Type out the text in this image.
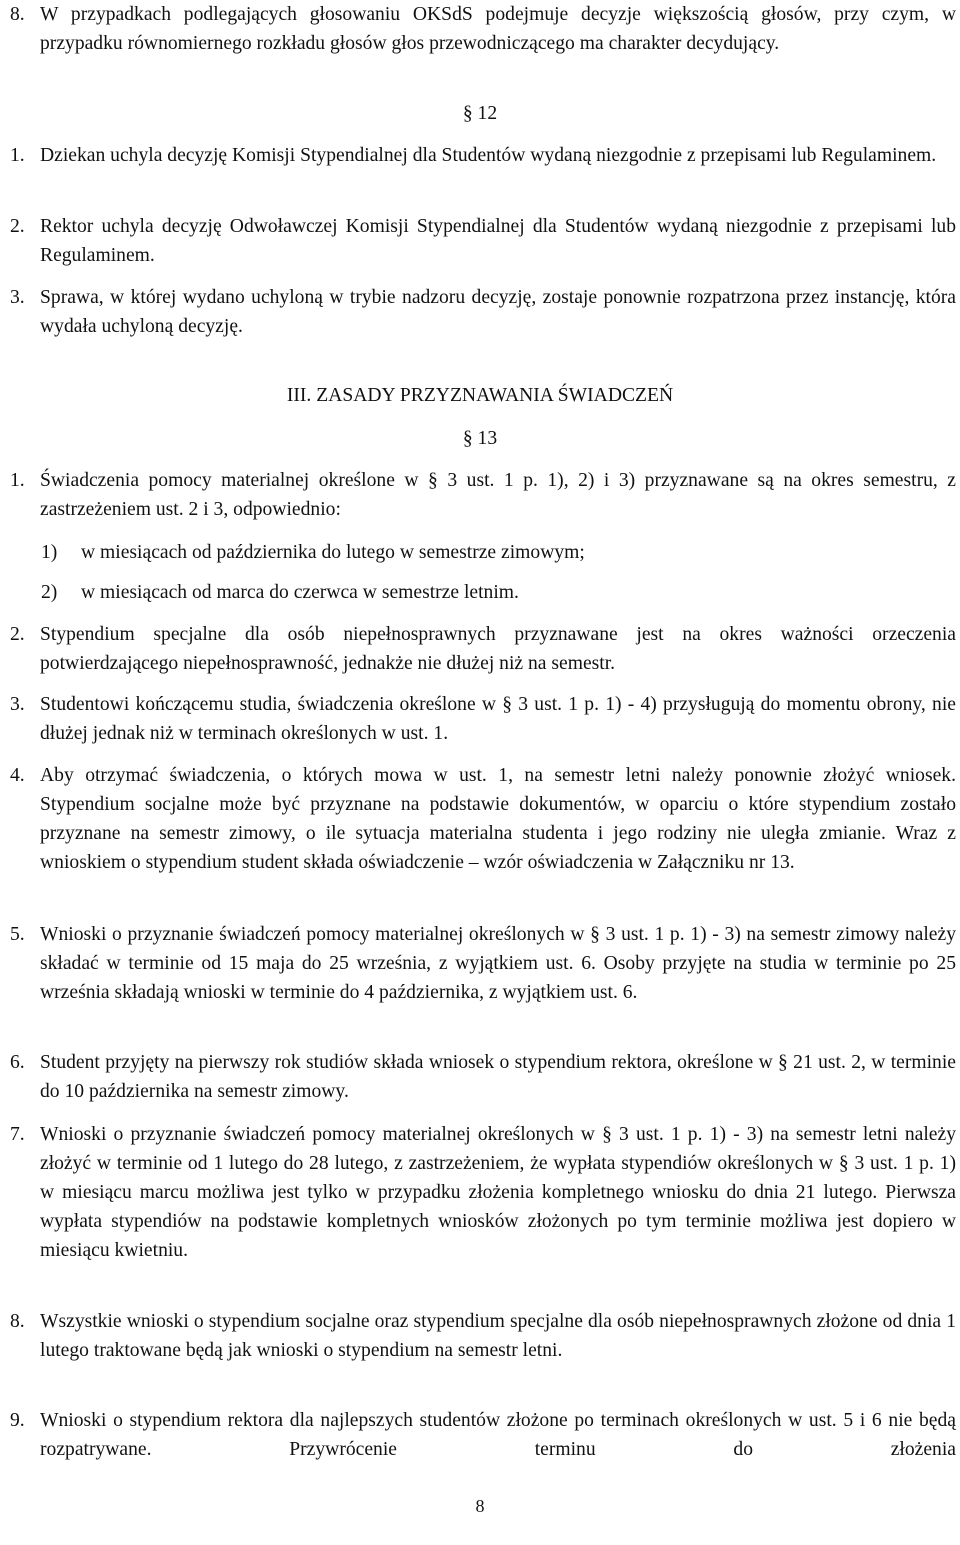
8. W przypadkach podlegających głosowaniu OKSdS podejmuje decyzje większością głosów, przy czym, w przypadku równomiernego rozkładu głosów głos przewodniczącego ma charakter decydujący.
§ 12
1. Dziekan uchyla decyzję Komisji Stypendialnej dla Studentów wydaną niezgodnie z przepisami lub Regulaminem.
2. Rektor uchyla decyzję Odwoławczej Komisji Stypendialnej dla Studentów wydaną niezgodnie z przepisami lub Regulaminem.
3. Sprawa, w której wydano uchyloną w trybie nadzoru decyzję, zostaje ponownie rozpatrzona przez instancję, która wydała uchyloną decyzję.
III. ZASADY PRZYZNAWANIA ŚWIADCZEŃ
§ 13
1. Świadczenia pomocy materialnej określone w § 3 ust. 1 p. 1), 2) i 3) przyznawane są na okres semestru, z zastrzeżeniem ust. 2 i 3, odpowiednio:
1) w miesiącach od października do lutego w semestrze zimowym;
2) w miesiącach od marca do czerwca w semestrze letnim.
2. Stypendium specjalne dla osób niepełnosprawnych przyznawane jest na okres ważności orzeczenia potwierdzającego niepełnosprawność, jednakże nie dłużej niż na semestr.
3. Studentowi kończącemu studia, świadczenia określone w § 3 ust. 1 p. 1) - 4) przysługują do momentu obrony, nie dłużej jednak niż w terminach określonych w ust. 1.
4. Aby otrzymać świadczenia, o których mowa w ust. 1, na semestr letni należy ponownie złożyć wniosek. Stypendium socjalne może być przyznane na podstawie dokumentów, w oparciu o które stypendium zostało przyznane na semestr zimowy, o ile sytuacja materialna studenta i jego rodziny nie uległa zmianie. Wraz z wnioskiem o stypendium student składa oświadczenie – wzór oświadczenia w Załączniku nr 13.
5. Wnioski o przyznanie świadczeń pomocy materialnej określonych w § 3 ust. 1 p. 1) - 3) na semestr zimowy należy składać w terminie od 15 maja do 25 września, z wyjątkiem ust. 6. Osoby przyjęte na studia w terminie po 25 września składają wnioski w terminie do 4 października, z wyjątkiem ust. 6.
6. Student przyjęty na pierwszy rok studiów składa wniosek o stypendium rektora, określone w § 21 ust. 2, w terminie do 10 października na semestr zimowy.
7. Wnioski o przyznanie świadczeń pomocy materialnej określonych w § 3 ust. 1 p. 1) - 3) na semestr letni należy złożyć w terminie od 1 lutego do 28 lutego, z zastrzeżeniem, że wypłata stypendiów określonych w § 3 ust. 1 p. 1) w miesiącu marcu możliwa jest tylko w przypadku złożenia kompletnego wniosku do dnia 21 lutego. Pierwsza wypłata stypendiów na podstawie kompletnych wniosków złożonych po tym terminie możliwa jest dopiero w miesiącu kwietniu.
8. Wszystkie wnioski o stypendium socjalne oraz stypendium specjalne dla osób niepełnosprawnych złożone od dnia 1 lutego traktowane będą jak wnioski o stypendium na semestr letni.
9. Wnioski o stypendium rektora dla najlepszych studentów złożone po terminach określonych w ust. 5 i 6 nie będą rozpatrywane. Przywrócenie terminu do złożenia
8
